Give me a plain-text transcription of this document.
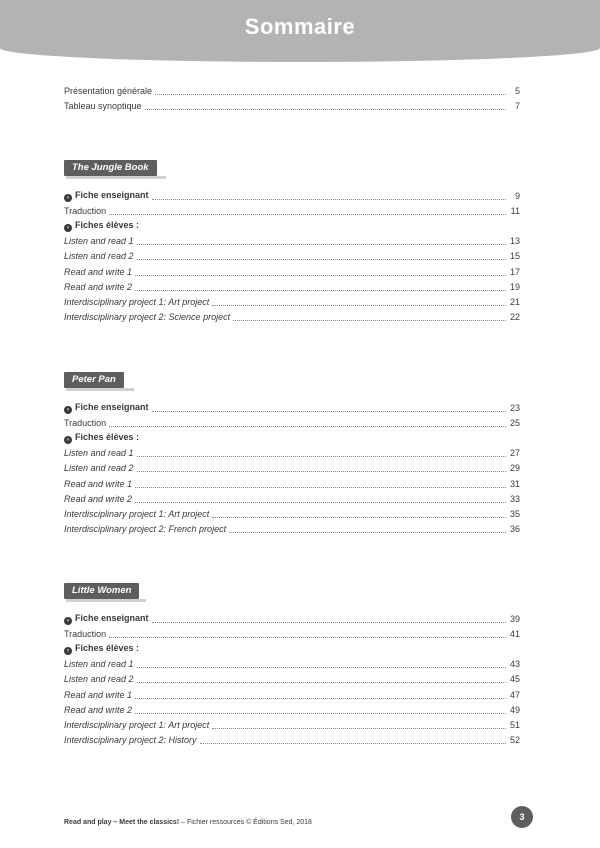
Sommaire
Présentation générale	5
Tableau synoptique	7
The Jungle Book
› Fiche enseignant	9
Traduction	11
› Fiches élèves :
Listen and read 1	13
Listen and read 2	15
Read and write 1	17
Read and write 2	19
Interdisciplinary project 1: Art project	21
Interdisciplinary project 2: Science project	22
Peter Pan
› Fiche enseignant	23
Traduction	25
› Fiches élèves :
Listen and read 1	27
Listen and read 2	29
Read and write 1	31
Read and write 2	33
Interdisciplinary project 1: Art project	35
Interdisciplinary project 2: French project	36
Little Women
› Fiche enseignant	39
Traduction	41
› Fiches élèves :
Listen and read 1	43
Listen and read 2	45
Read and write 1	47
Read and write 2	49
Interdisciplinary project 1: Art project	51
Interdisciplinary project 2: History	52
Read and play – Meet the classics! – Fichier ressources © Éditions Sed, 2018
3
